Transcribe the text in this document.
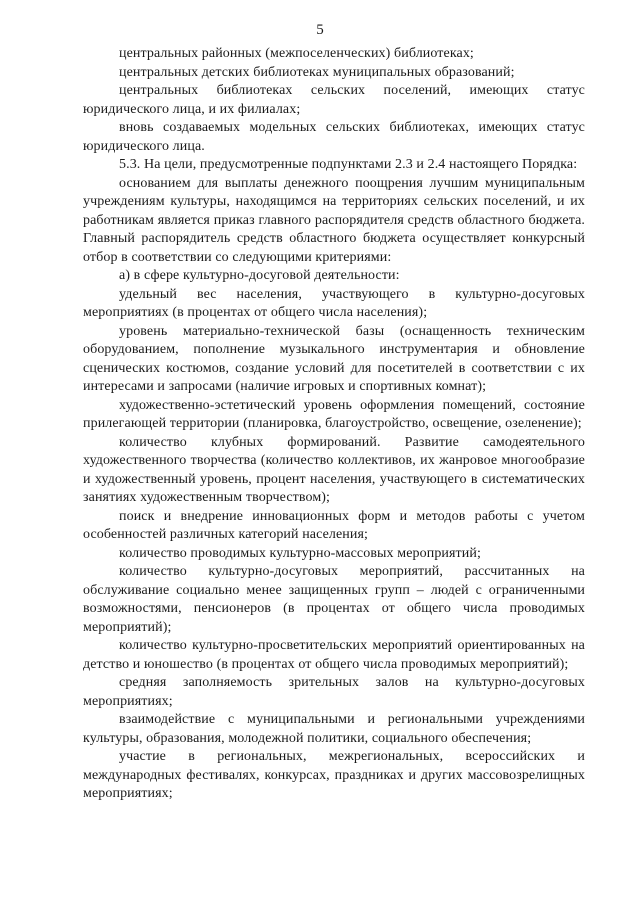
5

центральных районных (межпоселенческих) библиотеках;

центральных детских библиотеках муниципальных образований;

центральных библиотеках сельских поселений, имеющих статус юридического лица, и их филиалах;

вновь создаваемых модельных сельских библиотеках, имеющих статус юридического лица.

5.3. На цели, предусмотренные подпунктами 2.3 и 2.4 настоящего Порядка:

основанием для выплаты денежного поощрения лучшим муниципальным учреждениям культуры, находящимся на территориях сельских поселений, и их работникам является приказ главного распорядителя средств областного бюджета. Главный распорядитель средств областного бюджета осуществляет конкурсный отбор в соответствии со следующими критериями:

а) в сфере культурно-досуговой деятельности:

удельный вес населения, участвующего в культурно-досуговых мероприятиях (в процентах от общего числа населения);

уровень материально-технической базы (оснащенность техническим оборудованием, пополнение музыкального инструментария и обновление сценических костюмов, создание условий для посетителей в соответствии с их интересами и запросами (наличие игровых и спортивных комнат);

художественно-эстетический уровень оформления помещений, состояние прилегающей территории (планировка, благоустройство, освещение, озеленение);

количество клубных формирований. Развитие самодеятельного художественного творчества (количество коллективов, их жанровое многообразие и художественный уровень, процент населения, участвующего в систематических занятиях художественным творчеством);

поиск и внедрение инновационных форм и методов работы с учетом особенностей различных категорий населения;

количество проводимых культурно-массовых мероприятий;

количество культурно-досуговых мероприятий, рассчитанных на обслуживание социально менее защищенных групп – людей с ограниченными возможностями, пенсионеров (в процентах от общего числа проводимых мероприятий);

количество культурно-просветительских мероприятий ориентированных на детство и юношество (в процентах от общего числа проводимых мероприятий);

средняя заполняемость зрительных залов на культурно-досуговых мероприятиях;

взаимодействие с муниципальными и региональными учреждениями культуры, образования, молодежной политики, социального обеспечения;

участие в региональных, межрегиональных, всероссийских и международных фестивалях, конкурсах, праздниках и других массовозрелищных мероприятиях;
